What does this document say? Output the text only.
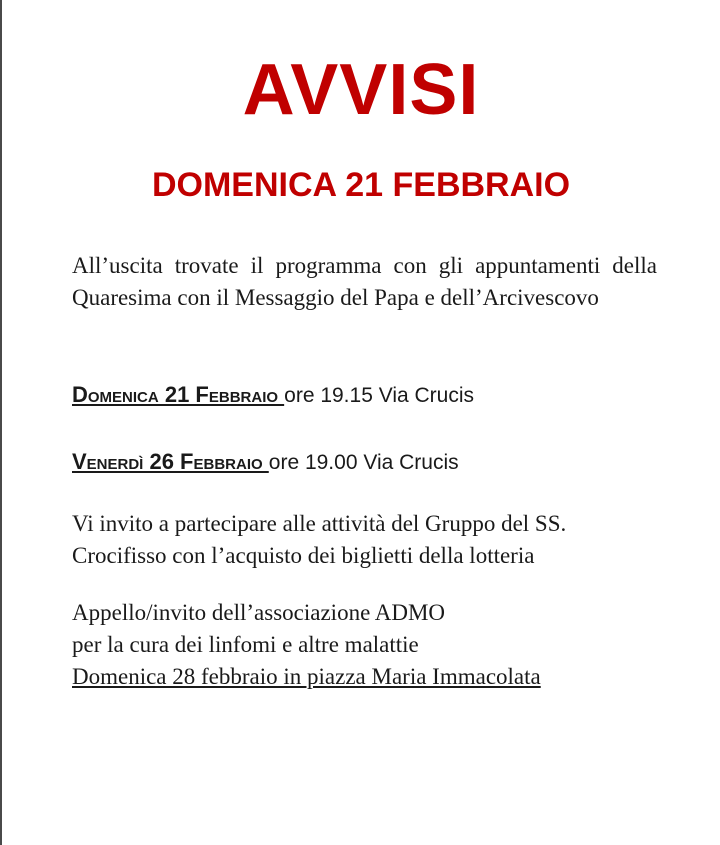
AVVISI
DOMENICA 21 FEBBRAIO
All’uscita trovate il programma con gli appuntamenti della Quaresima con il Messaggio del Papa e dell’Arcivescovo
Domenica 21 Febbraio ore 19.15 Via Crucis
Venerdì 26 Febbraio ore 19.00 Via Crucis
Vi invito a partecipare alle attività del Gruppo del SS.
Crocifisso con l’acquisto dei biglietti della lotteria
Appello/invito dell’associazione ADMO
per la cura dei linfomi e altre malattie
Domenica 28 febbraio in piazza Maria Immacolata
